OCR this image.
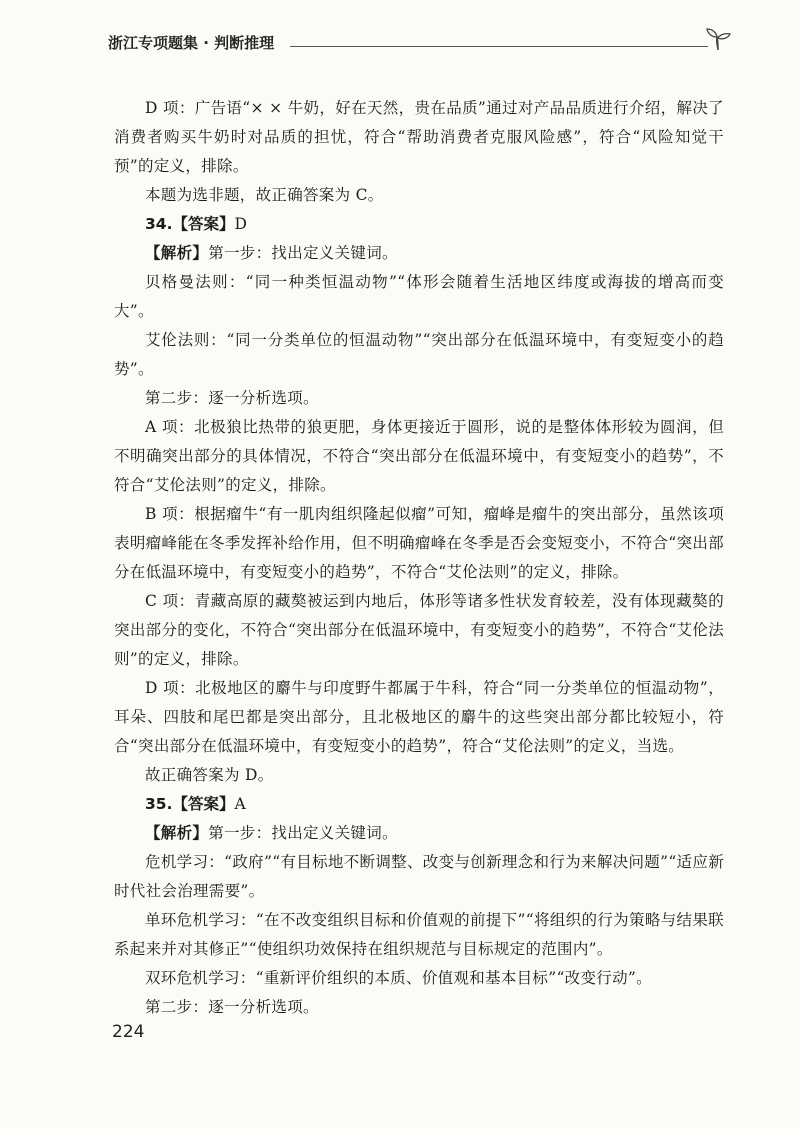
浙江专项题集 · 判断推理

D 项：广告语“× × 牛奶，好在天然，贵在品质”通过对产品品质进行介绍，解决了消费者购买牛奶时对品质的担忧，符合“帮助消费者克服风险感”，符合“风险知觉干预”的定义，排除。

本题为选非题，故正确答案为 C。

34.【答案】D

【解析】第一步：找出定义关键词。

贝格曼法则：“同一种类恒温动物”“体形会随着生活地区纬度或海拔的增高而变大”。

艾伦法则：“同一分类单位的恒温动物”“突出部分在低温环境中，有变短变小的趋势”。

第二步：逐一分析选项。

A 项：北极狼比热带的狼更肥，身体更接近于圆形，说的是整体体形较为圆润，但不明确突出部分的具体情况，不符合“突出部分在低温环境中，有变短变小的趋势”，不符合“艾伦法则”的定义，排除。

B 项：根据瘤牛“有一肌肉组织隆起似瘤”可知，瘤峰是瘤牛的突出部分，虽然该项表明瘤峰能在冬季发挥补给作用，但不明确瘤峰在冬季是否会变短变小，不符合“突出部分在低温环境中，有变短变小的趋势”，不符合“艾伦法则”的定义，排除。

C 项：青藏高原的藏獒被运到内地后，体形等诸多性状发育较差，没有体现藏獒的突出部分的变化，不符合“突出部分在低温环境中，有变短变小的趋势”，不符合“艾伦法则”的定义，排除。

D 项：北极地区的麝牛与印度野牛都属于牛科，符合“同一分类单位的恒温动物”，耳朵、四肢和尾巴都是突出部分，且北极地区的麝牛的这些突出部分都比较短小，符合“突出部分在低温环境中，有变短变小的趋势”，符合“艾伦法则”的定义，当选。

故正确答案为 D。

35.【答案】A

【解析】第一步：找出定义关键词。

危机学习：“政府”“有目标地不断调整、改变与创新理念和行为来解决问题”“适应新时代社会治理需要”。

单环危机学习：“在不改变组织目标和价值观的前提下”“将组织的行为策略与结果联系起来并对其修正”“使组织功效保持在组织规范与目标规定的范围内”。

双环危机学习：“重新评价组织的本质、价值观和基本目标”“改变行动”。

第二步：逐一分析选项。

224
